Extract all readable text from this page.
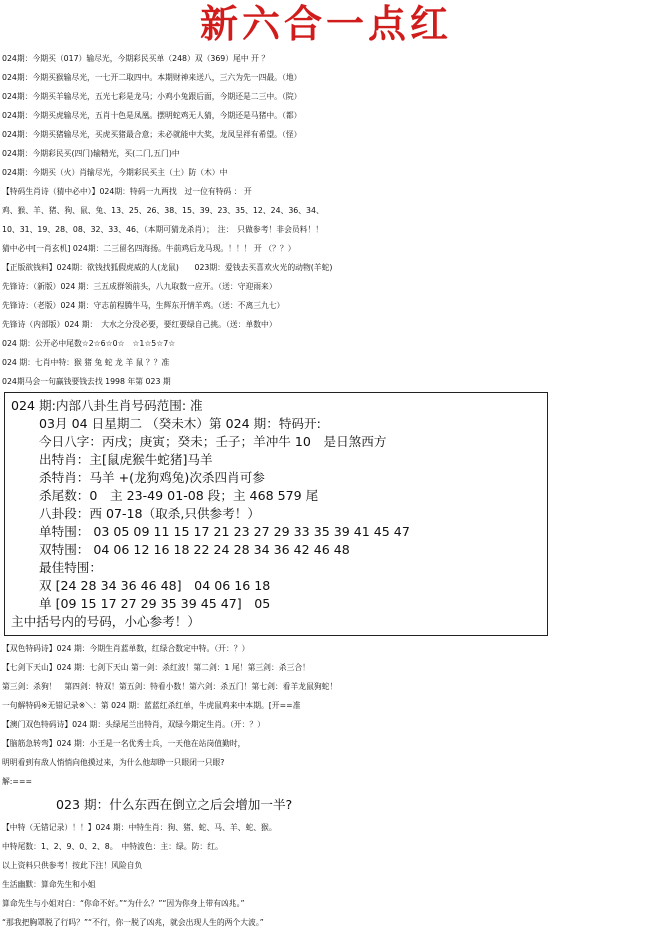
新六合一点红
024期：今期买（017）输尽光，今期彩民买单（248）双（369）尾中 开 ？
024期：今期买猴输尽光，一七开二取四中。本期财神来送八，三六为先一四最。（地）
024期：今期买羊输尽光，五光七彩是龙马；小鸡小兔跟后面，今期还是二三中。（院）
024期：今期买虎输尽光，五肖十色是凤凰。摆明蛇鸡无人猜，今期还是马猪中。（都）
024期：今期买猪输尽光，买虎买猪最合意；未必就能中大奖，龙凤呈祥有希望。（怪）
024期：今期彩民买(四门)输精光，买(二门,五门)中
024期：今期买（火）肖输尽光，今期彩民买主（土）防（木）中
【特码生肖诗（猜中必中）】024期：特码一九两找　过一位有特码 ： 开
鸡、猴、羊、猪、狗、鼠、兔、13、25、26、38、15、39、23、35、12、24、36、34、
10、31、19、28、08、32、33、46、（本期可猜龙杀肖）；　注：　只做参考！非会员料！！
猜中必中[一肖玄机] 024期：二三留名四海扬。牛前鸡后龙马现。！！！ 开 （？？）
【正版欲钱料】024期：欲钱找狐假虎威的人(龙鼠)　　023期：爱钱去买喜欢火光的动物(羊蛇)
先锋诗：（新版）024 期：三五成群领前头，八九取数一应开。（送：守迎雨来）
先锋诗：（老版）024 期：守志前程腾牛马，生辉东开情羊鸡。（送：不离三九七）
先锋诗（内部版）024 期：　大水之分没必要，要红要绿自己挑。（送：单数中）
024 期：公开必中尾数☆2☆6☆0☆　☆1☆5☆7☆
024 期：七肖中特：猴 猪 兔 蛇 龙 羊 鼠 ？？准
024期马会一句赢钱要钱去找 1998 年第 023 期
024 期:内部八卦生肖号码范围: 准
03月 04 日星期二 （癸未木）第 024 期：特码开:
今日八字：丙戌；庚寅；癸未；壬子；羊冲牛 10　是日煞西方
出特肖：主[鼠虎猴牛蛇猪]马羊
杀特肖：马羊 +(龙狗鸡兔)次杀四肖可参
杀尾数：0　主 23-49 01-08 段；主 468 579 尾
八卦段：西 07-18（取杀,只供参考！）
单特围： 03 05 09 11 15 17 21 23 27 29 33 35 39 41 45 47
双特围： 04 06 12 16 18 22 24 28 34 36 42 46 48
最佳特围：
双 [24 28 34 36 46 48]　04 06 16 18
单 [09 15 17 27 29 35 39 45 47]　05
主中括号内的号码，小心参考！）
【双色特码诗】024 期：今期生肖蓝单数，红绿合数定中特。（开：？）
【七剑下天山】024 期：七剑下天山 第一剑：杀红波！第二剑：1 尾！第三剑：杀三合！
第三剑：杀狗！　第四剑：特双！第五剑：特看小数！第六剑：杀五门！第七剑：看羊龙鼠狗蛇！
一句解特码※无错记录※＼：第 024 期：蓝蓝红杀红单，牛虎鼠鸡来中本期。[开==准
【澳门双色特码诗】024 期：头绿尾兰出特肖，双绿今期定生肖。（开：？）
【脑筋急转弯】024 期：小王是一名优秀士兵，一天他在站岗值勤时，
明明看到有敌人悄悄向他摸过来，为什么他却睁一只眼闭一只眼?
解:===
023 期：什么东西在倒立之后会增加一半?
【中特（无错记录）！！】024 期：中特生肖：狗、猪、蛇、马、羊、蛇、猴。
中特尾数：1、2、9、0、2、8。　中特波色：主：绿。防：红。
以上资料只供参考！按此下注！风险自负
生活幽默：算命先生和小姐
算命先生与小姐对白：“你命不好。”“为什么？”“因为你身上带有凶兆。”
“那我把胸罩脱了行吗？”“不行，你一脱了凶兆，就会出现人生的两个大波。”
